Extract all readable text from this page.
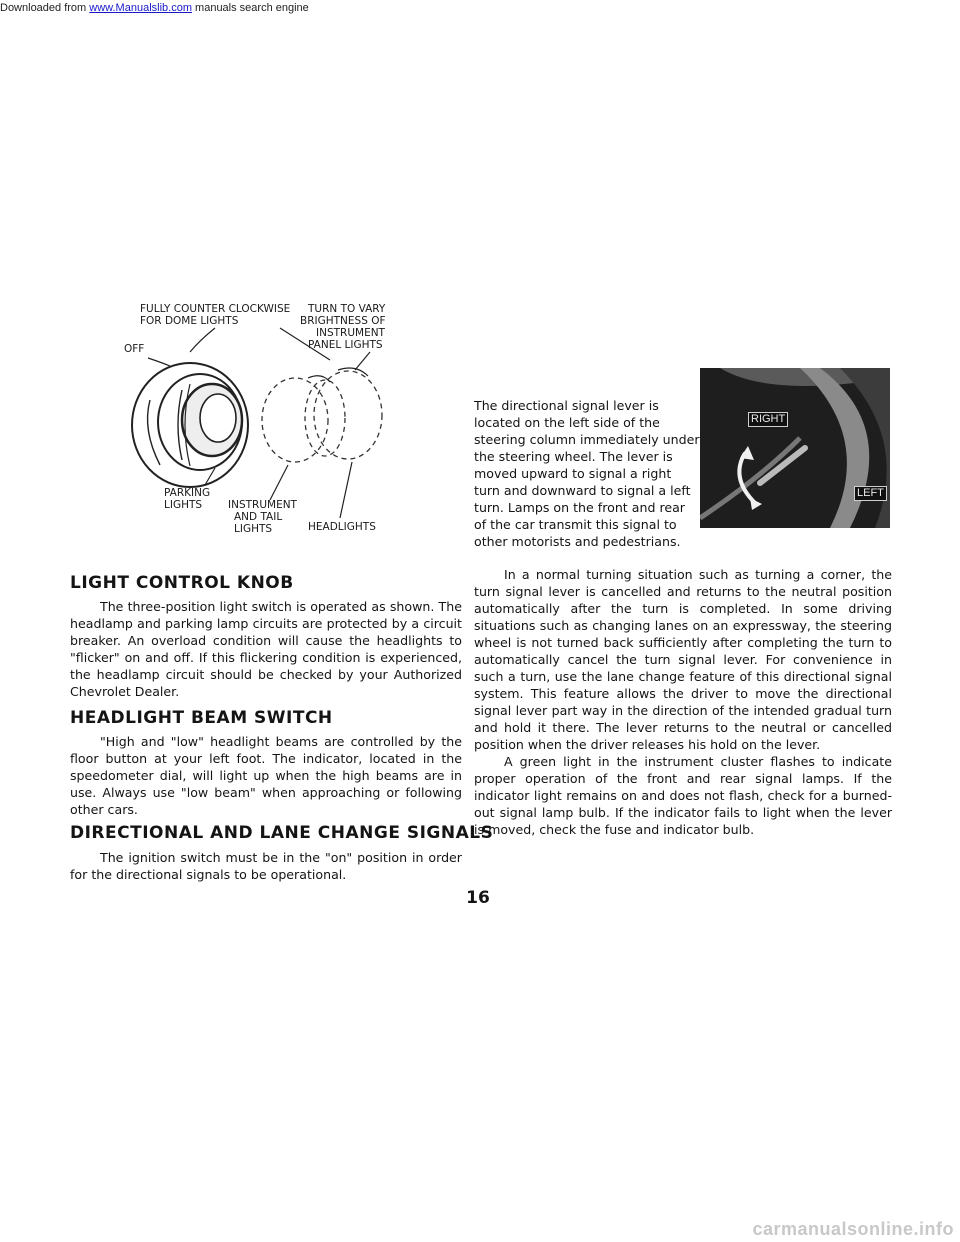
Downloaded from www.Manualslib.com manuals search engine
FULLY COUNTER CLOCKWISE
FOR DOME LIGHTS
TURN TO VARY
BRIGHTNESS OF
INSTRUMENT
PANEL LIGHTS
OFF
PARKING
LIGHTS INSTRUMENT
AND TAIL
LIGHTS	HEADLIGHTS
LIGHT CONTROL KNOB

The three-position light switch is operated as shown. The headlamp and parking lamp circuits are protected by a circuit breaker. An overload condition will cause the headlights to "flicker" on and off. If this flickering condition is experienced, the headlamp circuit should be checked by your Authorized Chevrolet Dealer.

HEADLIGHT BEAM SWITCH

"High and "low" headlight beams are controlled by the floor button at your left foot. The indicator, located in the speedometer dial, will light up when the high beams are in use. Always use "low beam" when approaching or following other cars.

DIRECTIONAL AND LANE CHANGE SIGNALS

The ignition switch must be in the "on" position in order for the directional signals to be operational.

The directional signal lever is located on the left side of the steering column immediately under the steering wheel. The lever is moved upward to signal a right turn and downward to signal a left turn. Lamps on the front and rear of the car transmit this signal to other motorists and pedestrians.

RIGHT
LEFT

In a normal turning situation such as turning a corner, the turn signal lever is cancelled and returns to the neutral position automatically after the turn is completed. In some driving situations such as changing lanes on an expressway, the steering wheel is not turned back sufficiently after completing the turn to automatically cancel the turn signal lever. For convenience in such a turn, use the lane change feature of this directional signal system. This feature allows the driver to move the directional signal lever part way in the direction of the intended gradual turn and hold it there. The lever returns to the neutral or cancelled position when the driver releases his hold on the lever.

A green light in the instrument cluster flashes to indicate proper operation of the front and rear signal lamps. If the indicator light remains on and does not flash, check for a burned-out signal lamp bulb. If the indicator fails to light when the lever is moved, check the fuse and indicator bulb.

16
carmanualsonline.info
